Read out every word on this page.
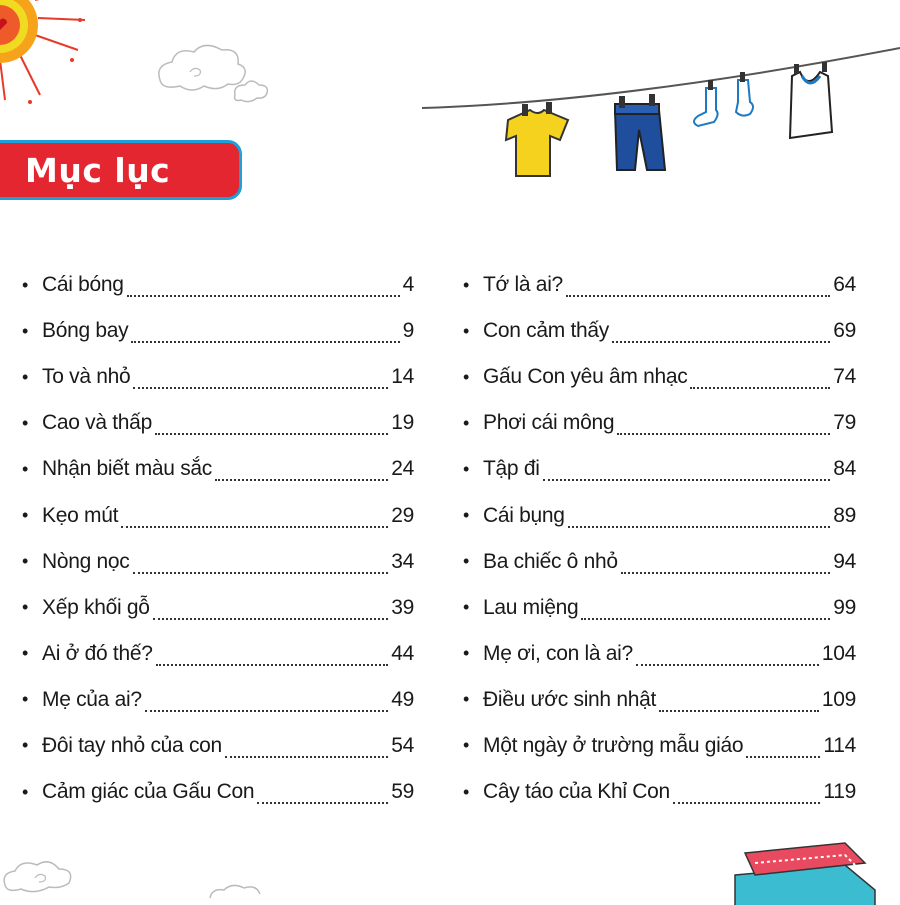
Mục lục
• Cái bóng	4
• Bóng bay	9
• To và nhỏ	14
• Cao và thấp	19
• Nhận biết màu sắc	24
• Kẹo mút	29
• Nòng nọc	34
• Xếp khối gỗ	39
• Ai ở đó thế?	44
• Mẹ của ai?	49
• Đôi tay nhỏ của con	54
• Cảm giác của Gấu Con	59
• Tớ là ai?	64
• Con cảm thấy	69
• Gấu Con yêu âm nhạc	74
• Phơi cái mông	79
• Tập đi	84
• Cái bụng	89
• Ba chiếc ô nhỏ	94
• Lau miệng	99
• Mẹ ơi, con là ai?	104
• Điều ước sinh nhật	109
• Một ngày ở trường mẫu giáo	114
• Cây táo của Khỉ Con	119
